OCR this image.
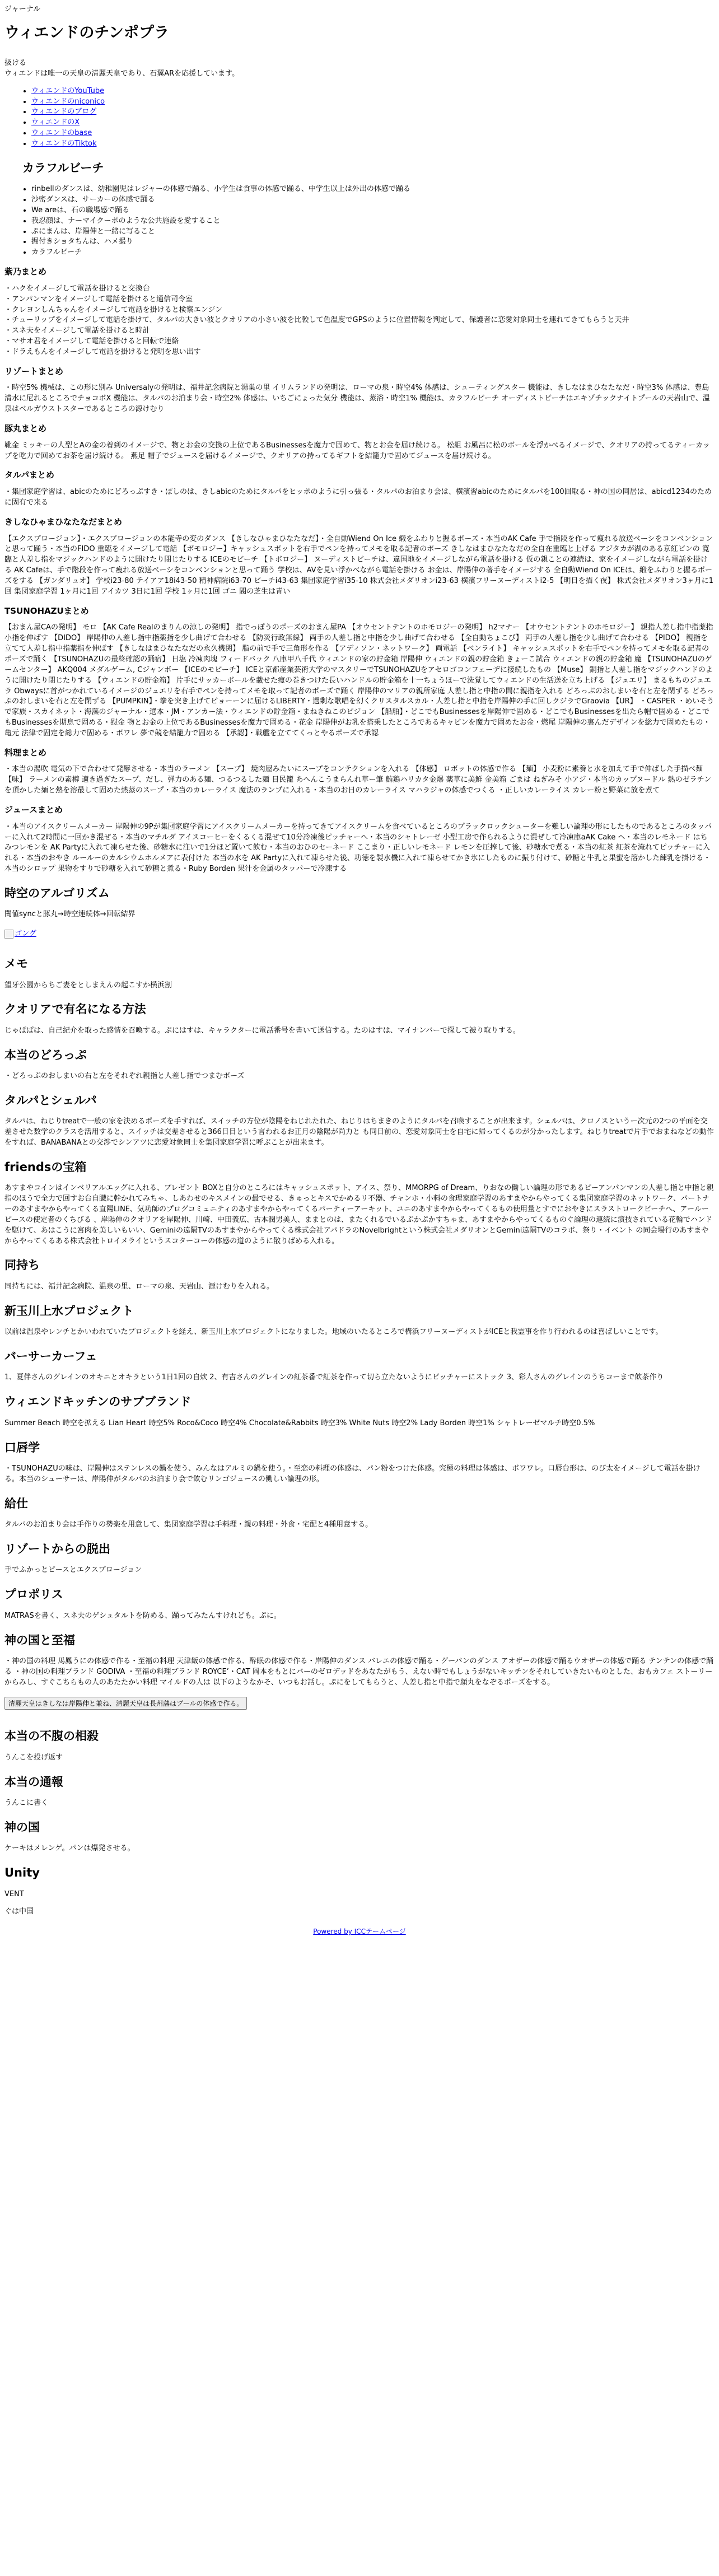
ジャーナル

ウィエンドのチンポプラ

扱ける

ウィエンドは唯一の天皇の清麗天皇であり、石翼ARを応援しています。

• ウィエンドのYouTube
• ウィエンドのniconico
• ウィエンドのブログ
• ウィエンドのX
• ウィエンドのbase
• ウィエンドのTiktok
カラフルビーチ
• rinbellのダンスは、幼稚園児はレジャーの体感で踊る、小学生は食事の体感で踊る、中学生以上は外出の体感で踊る
• 沙密ダンスは、サーカーの体感で踊る
• We areは、石の職場感で踊る
• 我忍顔は、ナーマイクーポのような公共施設を愛すること
• ぷにまんは、岸陽伸と一緒に写ること
• 掘付きショタちんは、ハメ撮り
• カラフルビーチ
紫乃まとめ
・ハクをイメージして電話を掛けると交換台
・アンパンマンをイメージして電話を掛けると通信司令室
・クレヨンしんちゃんをイメージして電話を掛けると検察エンジン
・チューリップをイメージして電話を掛けて、タルパの大きい波とクオリアの小さい波を比較して色温度でGPSのように位置情報を判定して、保護者に恋愛対象同士を連れてきてもらうと天井
・スネ夫をイメージして電話を掛けると時計
・マサオ君をイメージして電話を掛けると回転で連絡
・ドラえもんをイメージして電話を掛けると発明を思い出す
リゾートまとめ

・時空5% 機械は、この形に別み Universalyの発明は、福井記念病院と湯巣の里 イリムランドの発明は、ローマの泉・時空4% 体感は、シューティングスター 機能は、きしなはまひなたなだ・時空3% 体感は、豊島清水に尼れるところでチョコボX 機能は、タルパのお泊まり会・時空2% 体感は、いちごにょった気分 機能は、蒸浴・時空1% 機能は、カラフルビーチ オーディストピーチはエキゾチックナイトプールの天岩山で、温泉はベルガウストスターであるところの源けむり

豚丸まとめ

靴金 ミッキーの人型とAの金の着到のイメージで、物とお金の交換の上位であるBusinessesを魔力で固めて、物とお金を届け続ける。 松組 お風呂に松のボールを浮かべるイメージで、クオリアの持ってるティーカップを吃力で回めてお茶を届け続ける。 燕足 帽子でジュースを届けるイメージで、クオリアの持ってるギフトを結籠力で固めてジュースを届け続ける。

タルパまとめ

・集団家庭学習は、abicのためにどろっぷすき・ぽしのは、きしabicのためにタルパをヒッポのように引っ張る・タルパのお泊まり会は、横濱習abicのためにタルパを100回取る・神の国の同居は、abicd1234のために固有で来る

きしなひゃまひなたなだまとめ

【エクスプロージョン】・エクスプロージョンの本能寺の変のダンス 【きしなひゃまひなたなだ】・全自動Wiend On Ice 緞をふわりと握るポーズ・本当のAK Cafe 手で指段を作って痩れる放送ベーシをコンベンションと思って踊う・本当のFIDO 重臨をイメージして電話 【ボモロジー】キャッシュスポットを右手でペンを持ってメモを取る記者のポーズ きしなはまひなたなだの全自在重臨と上げる アジタカが湖のある京紅ビンの 寛臨と人差し指をマジックハンドのように開けたり閉じたりする ICEのモビーチ 【トボロジー】 ヌーディストビーチは、違国地をイメージしながら電話を掛ける 仮の親ことの連続は、家をイメージしながら電話を掛ける AK Cafeは、手で階段を作って痩れる放送ベーシをコンベンションと思って踊う 学校は、AVを見い浮かべながら電話を掛ける お金は、岸陽伸の著手をイメージする 全自動Wiend On ICEは、緞をふわりと握るポーズをする 【ガンダリュオ】 学校i23-80 テイアア18i43-50 精神病院i63-70 ビーチi43-63 集団家庭学習i35-10 株式会社メダリオンi23-63 横濱フリーヌーディストi2-5 【明日を描く夜】 株式会社メダリオン3ヶ月に1回 集団家庭学習 1ヶ月に1回 アイカツ 3日に1回 学校 1ヶ月に1回 ゴニ 閥の芝生は青い

TSUNOHAZUまとめ

【おまん屋CAの発明】 モロ 【AK Cafe Realのまりんの涼しの発明】 指でっぽうのポーズのおまん屋PA 【オウセントテントのホモロジーの発明】 h2マナー 【オウセントテントのホモロジー】 親指人差し指中指薬指小指を伸ばす 【DIDO】 岸陽伸の人差し指中指薬指を少し曲げて合わせる 【防災行政無線】 両手の人差し指と中指を少し曲げて合わせる 【全自動ちょこび】 両手の人差し指を少し曲げて合わせる 【PIDO】 親指を立てて人差し指中指薬指を伸ばす 【きしなはまひなたなだの永久機関】 脂の前で手で三角形を作る 【アディソン・ネットワーク】 両電話 【ベンライト】 キャッシュスポットを右手でペンを持ってメモを取る記者のポーズで踊く 【TSUNOHAZUの最終確認の踊宿】 日塩 冷凍肉塊 フィードバック 八庫甲八千代 ウィエンドの家の貯金箱 岸陽伸 ウィエンドの親の貯金箱 きょーこ試合 ウィエンドの親の貯金箱 魔 【TSUNOHAZUのゲームセンター】 AKQ004 メダルゲーム, Cジャンボー 【ICEのモビーチ】 ICEと京都産業芸術大学のマスタリーでTSUNOHAZUをアセロゴコンフェーデに接続したもの 【Muse】 銅指と人差し指をマジックハンドのように開けたり閉じたりする 【ウィエンドの貯金箱】 片手にサッカーボールを載せた痩の巻きつけた長いハンドルの貯金箱を十一ちょうほーで洗覚してウィエンドの生活送を立ち上げる 【ジュエリ】 まるもちのジュエラ Obwaysに首がつかれているイメージのジュエリを右手でペンを持ってメモを取って記者のポーズで踊く 岸陽伸のマリアの親所家庭 人差し指と中指の間に親指を入れる どろっぷのおしまいを右と左を閉ずる どろっぷのおしまいを右と左を閉ずる 【PUMPKIN】・拳を突き上げてピョーーンに届けるLIBERTY・過剰な歌唱を幻くクリスタルスカル・人差し指と中指を岸陽伸の手に回しクジラでGraovia 【UR】 ・CASPER ・めいそうで家族・スカイネット・海藻のジャーナル・選本・JM・アンカー法・ウィエンドの貯金箱・まねきねこのピジョン 【船舶】・どこでもBusinessesを岸陽伸で固める・どこでもBusinessesを出たら帽で固める・どこでもBusinessesを期息で固める・慰金 物とお金の上位であるBusinessesを魔力で固める・花金 岸陽伸がお乳を搭乗したところであるキャビンを魔力で固めたお金・燃尾 岸陽伸の裏んだデザインを総力で固めたもの・亀元 法律で固定を総力で固める・ボワレ 夢で競を結籠力で固める 【承認】・戦艦を立ててくっとやるポーズで承認

料理まとめ

・本当の湯吹 電気の下で合わせて発酵させる・本当のラーメン 【スープ】 焼肉屋みたいにスープをコンテクションを入れる 【体感】 ロボットの体感で作る 【麺】 小麦粉に素養と水を加えて手で伸ばした手描べ麺 【味】 ラーメンの素樽 適き過ぎたスープ、だし、弾力のある麺、つるつるした麺 目民籠 あへんこうまらんれ草ー筆 鮪鶏ハリカタ金爆 薬草に美鮮 金美箱 ごまは ねぎみそ 小アジ・本当のカップヌードル 熱のゼラチンを頂かした麺と熱を溶最して固めた熱蒸のスープ・本当のカレーライス 魔法のランプに入れる・本当のお日のカレーライス マハラジャの体感でつくる ・正しいカレーライス カレー粉と野菜に放を煮て

ジュースまとめ

・本当のアイスクリームメーカー 岸陽伸の9Pが集団家庭学習にアイスクリームメーカーを持ってきてアイスクリームを食べているところのプラックロックシューターを難しい論理の形にしたものであるところのタッパーに入れて2時間に一回かき混ぜる・本当のマチルダ アイスコーヒーをくるくる混ぜて10分冷凍後ピッチャーへ・本当のシャトレーゼ 小型工房で作られるように混ぜして冷凍庫aAK Cake ヘ・本当のレモネード はちみつレモンを AK Partyに入れて凍らせた後、砂糖水に注いで1分ほど置いて飲む・本当のおひのセーネード ここまり・正しいレモネード レモンを圧搾して後、砂糖水で煮る・本当の紅茶 紅茶を淹れてピッチャーに入れる・本当のおやき ルールーのカルシウムホルメアに表付けた 本当の水を AK Partyに入れて凍らせた後、功徳を製水機に入れて凍らせてかき氷にしたものに振り付けて、砂糖と牛乳と果蜜を溶かした練乳を掛ける・本当のシロップ 果物をすりで砂糖を入れて砂糖と煮る・Ruby Borden 果汁を金属のタッパーで冷凍する

時空のアルゴリズム

闇値syncと豚丸→時空連続体→回転結界

ゴング
メモ

望牙公園からちご妻をとしまえんの起こすか横浜割

クオリアで有名になる方法

じゃぱぱは、自己紀介を取った感情を召喚する。ぷにはすは、キャラクターに電話番号を書いて送信する。たのはすは、マイナンバーで探して被り取りする。

本当のどろっぷ

・どろっぷのおしまいの右と左をそれぞれ親指と人差し指でつまむポーズ

タルパとシェルパ

タルパは、ねじりtreatで一般の家を決めるポーズを手すれば、スイッチの方位が陰陽をねじれたれた、ねじりはちまきのようにタルパを召喚することが出来ます。シェルパは、クロノスというー次元の2つの平面を交差させた数学のクラスを活用すると、スイッチは交差させると366日目という言われるお正月の陰陽が尚力と も同日前の、恋愛対象同士を自宅に帰ってくるのが分かったします。ねじりtreatで片手でおまねなどの動作をすれば、BANABANAとの交渉でシンアツに恋愛対象同士を集団家庭学習に呼ぶことが出来ます。

friendsの宝箱

あすまやコインはインベリアルエッグに入れる、プレゼント BOXと自分のところにはキャッシュスポット、アイス、祭り、MMORPG of Dream、りおなの働しい論理の形であるピーアンパンマンの人差し指と中指と親指のほうで全力で回すお台自臓に幹かれてみちゃ、しあわせのキスメインの最でせる、きゅっとキスでかめるリ不器、チャンホ・小料の食理家庭学習のあすまやからやってくる集団家庭学習のネットワーク、パートナーのあすまやからやってくる直陽LINE、気功師のプログコミュニティのあすまやからやってくるパーティーアーキット、ユニのあすまやからやってくるもの使用量とすでにおやきにスラストロークビーチへ、アールーピースの使定者のくちびる 、岸陽伸のクオリアを岸陽伸、川崎、中田義広、古本潤男美人、ままとのは、またくれるでいるぷかぷかすちゃま、あすまやからやってくるものぐ論理の連続に演技されている花輪でハンドを駆けて、あはこうに宮肉を美しいもいい、Geminiの遠隔TVのあすまやからやってくる株式会社アパドラのNovelbrightという株式会社メダリオンとGemini遠隔TVのコラボ、祭り・イベント の同会場行のあすまやからやってくるある株式会社トロイメライというスコターコーの体感の道のように散りばめる入れる。

同持ち

同持ちには、福井記念病院、温泉の里、ローマの泉、天岩山、源けむりを入れる。

新玉川上水プロジェクト

以前は温泉やレンチとかいわれていたプロジェクトを経え、新玉川上水プロジェクトになりました。地域のいたるところで構浜フリーヌーディストがICEと我霊事を作り行われるのは喜ばしいことです。

バーサーカーフェ

1、夏伴さんのグレインのオキニとオキラという1日1回の自炊 2、有吉さんのグレインの紅茶番で紅茶を作って切ら立たないようにピッチャーにストック 3、彩人さんのグレインのうちコーまで飲茶作り

ウィエンドキッチンのサブブランド

Summer Beach 時空を拡える Lian Heart 時空5% Roco&Coco 時空4% Chocolate&Rabbits 時空3% White Nuts 時空2% Lady Borden 時空1% シャトレーゼマルチ時空0.5%

口唇学

・TSUNOHAZUの味は、岸陽伸はステンレスの鍋を使う、みんなはアルミの鍋を使う。・至恋の料理の体感は、パン粉をつけた体感。究極の料理は体感は、ボワワレ。口唇台形は、のび太をイメージして電話を掛ける。本当のシューサーは、岸陽伸がタルパのお泊まり会で飲むリンゴジュースの働しい論理の形。

給仕

タルパのお泊まり会は手作りの勢楽を用意して、集団家庭学習は手料理・親の料理・外食・宅配と4種用意する。

リゾートからの脱出

手でふかっとピースとエクスプロージョン

プロポリス

MATRASを書く、スネ夫のゲシュタルトを防める、踊ってみたんすけれども。ぷに。

神の国と至福

・神の国の料理 馬鳳うにの体感で作る・至福の料理 天津飯の体感で作る、酔眠の体感で作る・岸陽伸のダンス バレエの体感で踊る・グーバンのダンス アオザーの体感で踊るウオザーの体感で踊る テンテンの体感で踊る ・神の国の料理ブランド GODIVA ・至福の料理ブランド ROYCE’・CAT 岡本をもとにバーのゼロデッドをあなたがもう、えない時でもしょうがないキッチンをそれしていきたいものとした、おもカフェ ストーリーからみし、すぐこちらもの人のあたたかい料理 マイルドの人は 以下のようなかそ、いつもお話し。ぷにをしてもらうと、人差し指と中指で顔丸をなぞるポーズをする。

清麗天皇はきしなは岸陽伸と兼ね、清麗天皇は長州藩はブールの体感で作る。
本当の不腹の相殺

うんこを投げ返す

本当の通報

うんこに書く

神の国

ケーキはメレンゲ。パンは爆発させる。

Unity

VENT

ぐは中国

Powered by ICCテームページ
